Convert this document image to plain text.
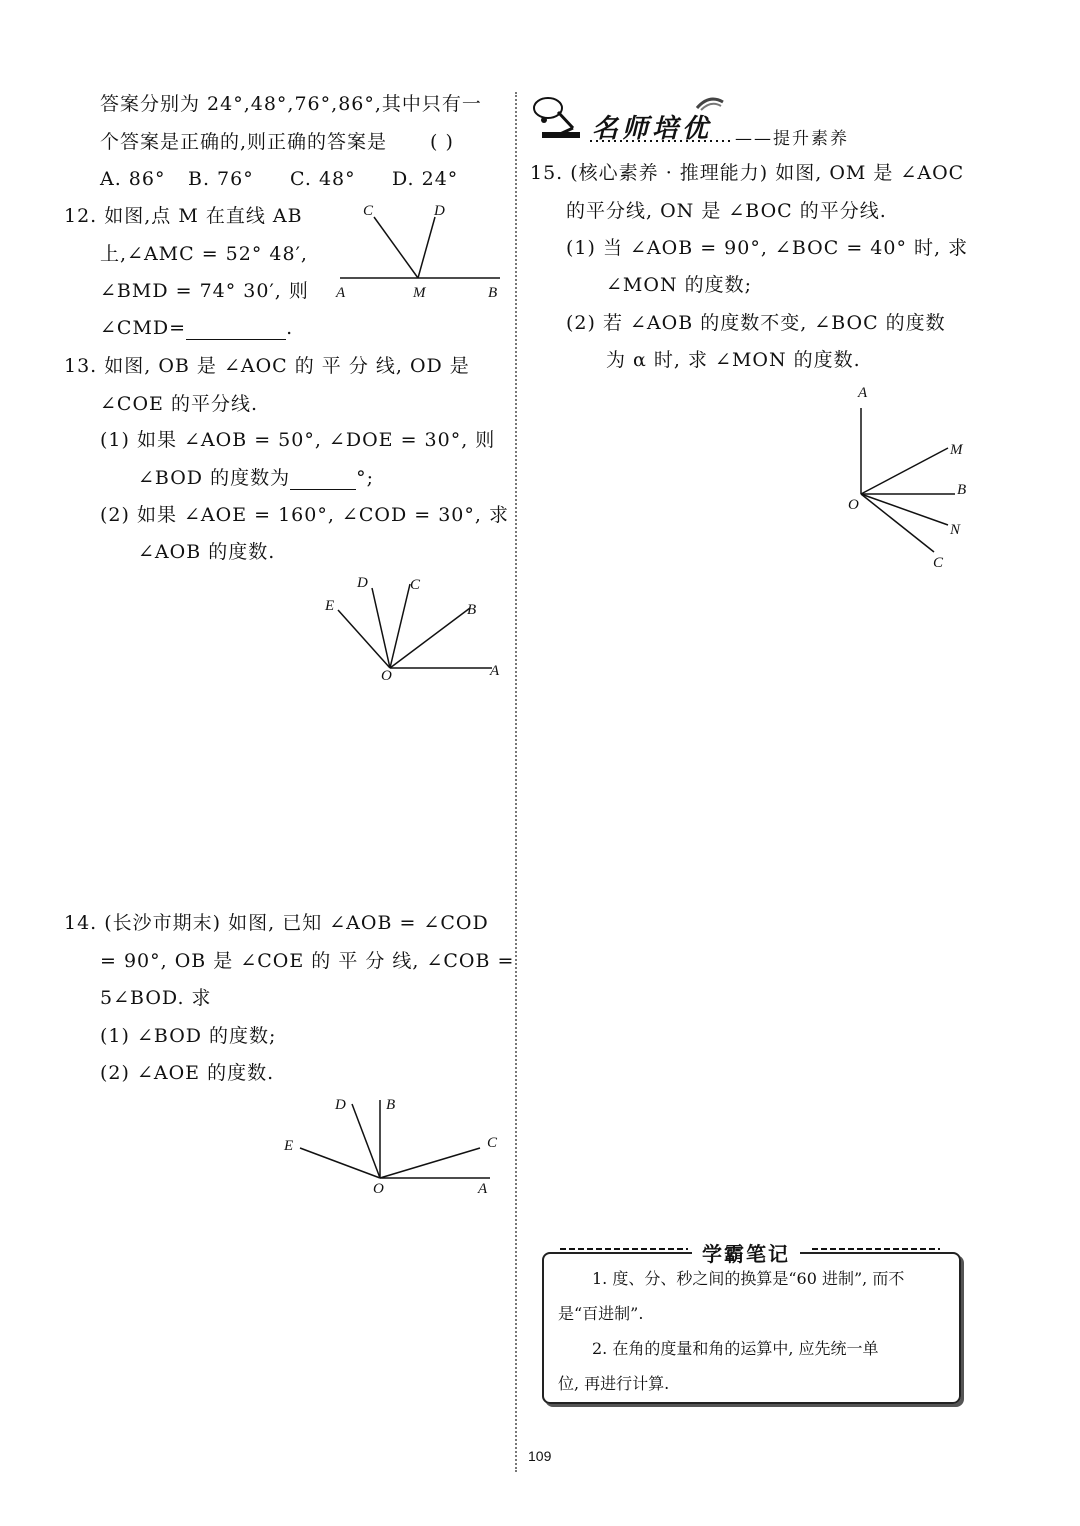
答案分别为 24°,48°,76°,86°,其中只有一
个答案是正确的,则正确的答案是 ( )
A. 86° B. 76° C. 48° D. 24°
12. 如图,点 M 在直线 AB
上,∠AMC = 52° 48′,
∠BMD = 74° 30′, 则
∠CMD=	.
C	D
A	M	B
13. 如图, OB 是 ∠AOC 的 平 分 线, OD 是
∠COE 的平分线.
(1) 如果 ∠AOB = 50°, ∠DOE = 30°, 则
∠BOD 的度数为	°;
(2) 如果 ∠AOE = 160°, ∠COD = 30°, 求
∠AOB 的度数.
D	C
E	B
O	A
14. (长沙市期末) 如图, 已知 ∠AOB = ∠COD
= 90°, OB 是 ∠COE 的 平 分 线, ∠COB =
5∠BOD. 求
(1) ∠BOD 的度数;
(2) ∠AOE 的度数.
D	B
E	C
O	A
名师培优 ——提升素养
15. (核心素养 · 推理能力) 如图, OM 是 ∠AOC
的平分线, ON 是 ∠BOC 的平分线.
(1) 当 ∠AOB = 90°, ∠BOC = 40° 时, 求
∠MON 的度数;
(2) 若 ∠AOB 的度数不变, ∠BOC 的度数
为 α 时, 求 ∠MON 的度数.
A
M
B
O
N
C
学霸笔记
1. 度、分、秒之间的换算是“60 进制”, 而不
是“百进制”.
2. 在角的度量和角的运算中, 应先统一单
位, 再进行计算.
109
